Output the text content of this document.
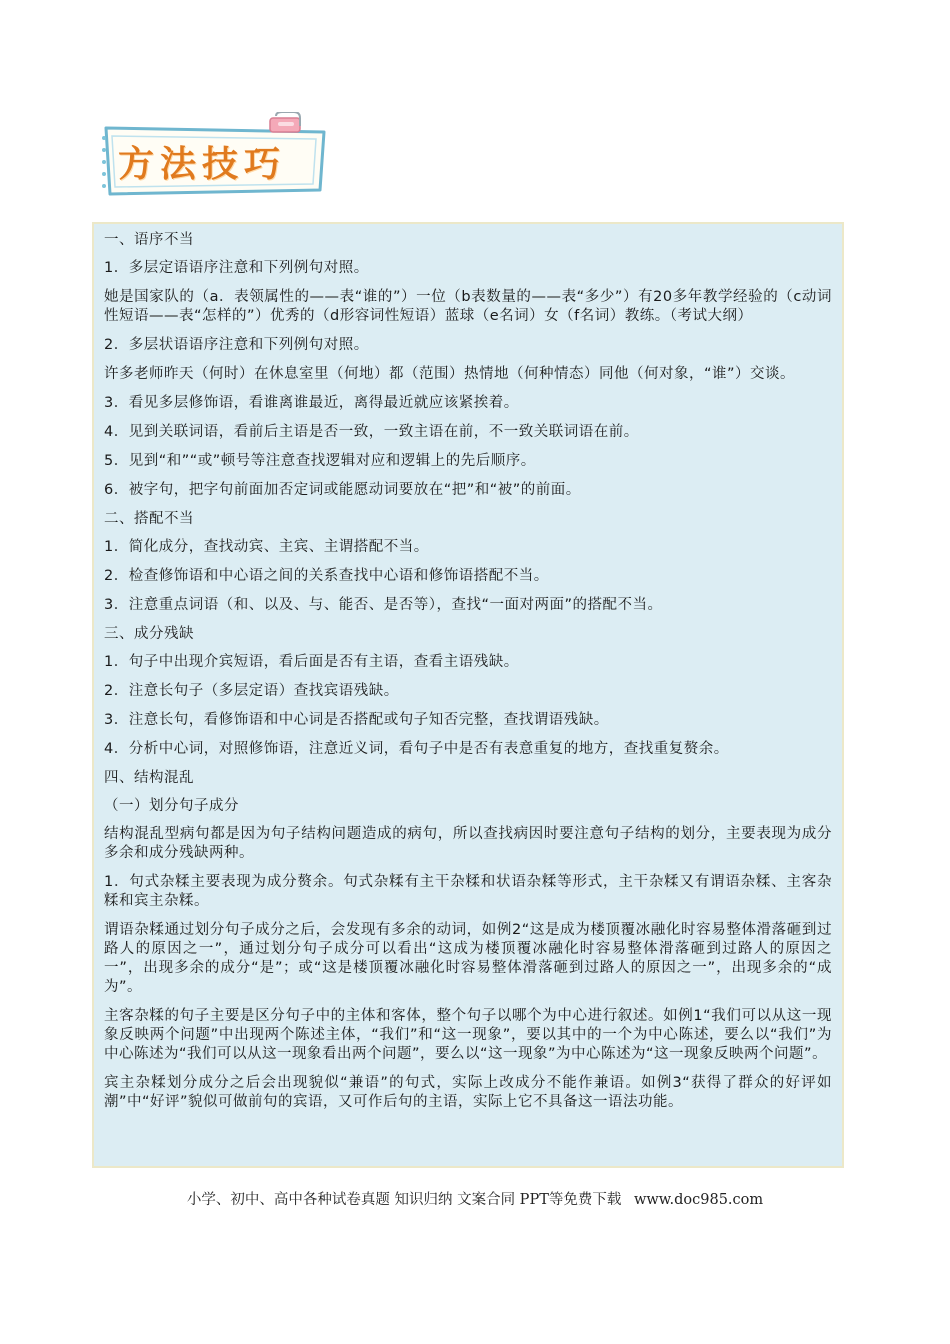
方法技巧

一、语序不当

1．多层定语语序注意和下列例句对照。

她是国家队的（a．表领属性的——表“谁的”）一位（b表数量的——表“多少”）有20多年教学经验的（c动词性短语——表“怎样的”）优秀的（d形容词性短语）蓝球（e名词）女（f名词）教练。（考试大纲）

2．多层状语语序注意和下列例句对照。

许多老师昨天（何时）在休息室里（何地）都（范围）热情地（何种情态）同他（何对象，“谁”）交谈。

3．看见多层修饰语，看谁离谁最近，离得最近就应该紧挨着。

4．见到关联词语，看前后主语是否一致，一致主语在前，不一致关联词语在前。

5．见到“和”“或”顿号等注意查找逻辑对应和逻辑上的先后顺序。

6．被字句，把字句前面加否定词或能愿动词要放在“把”和“被”的前面。

二、搭配不当

1．简化成分，查找动宾、主宾、主谓搭配不当。

2．检查修饰语和中心语之间的关系查找中心语和修饰语搭配不当。

3．注意重点词语（和、以及、与、能否、是否等），查找“一面对两面”的搭配不当。

三、成分残缺

1．句子中出现介宾短语，看后面是否有主语，查看主语残缺。

2．注意长句子（多层定语）查找宾语残缺。

3．注意长句，看修饰语和中心词是否搭配或句子知否完整，查找谓语残缺。

4．分析中心词，对照修饰语，注意近义词，看句子中是否有表意重复的地方，查找重复赘余。

四、结构混乱

（一）划分句子成分

结构混乱型病句都是因为句子结构问题造成的病句，所以查找病因时要注意句子结构的划分，主要表现为成分多余和成分残缺两种。

1．句式杂糅主要表现为成分赘余。句式杂糅有主干杂糅和状语杂糅等形式，主干杂糅又有谓语杂糅、主客杂糅和宾主杂糅。

谓语杂糅通过划分句子成分之后，会发现有多余的动词，如例2“这是成为楼顶覆冰融化时容易整体滑落砸到过路人的原因之一”，通过划分句子成分可以看出“这成为楼顶覆冰融化时容易整体滑落砸到过路人的原因之一”，出现多余的成分“是”；或“这是楼顶覆冰融化时容易整体滑落砸到过路人的原因之一”，出现多余的“成为”。

主客杂糅的句子主要是区分句子中的主体和客体，整个句子以哪个为中心进行叙述。如例1“我们可以从这一现象反映两个问题”中出现两个陈述主体，“我们”和“这一现象”，要以其中的一个为中心陈述，要么以“我们”为中心陈述为“我们可以从这一现象看出两个问题”，要么以“这一现象”为中心陈述为“这一现象反映两个问题”。

宾主杂糅划分成分之后会出现貌似“兼语”的句式，实际上改成分不能作兼语。如例3“获得了群众的好评如潮”中“好评”貌似可做前句的宾语，又可作后句的主语，实际上它不具备这一语法功能。

小学、初中、高中各种试卷真题 知识归纳 文案合同 PPT等免费下载 www.doc985.com
